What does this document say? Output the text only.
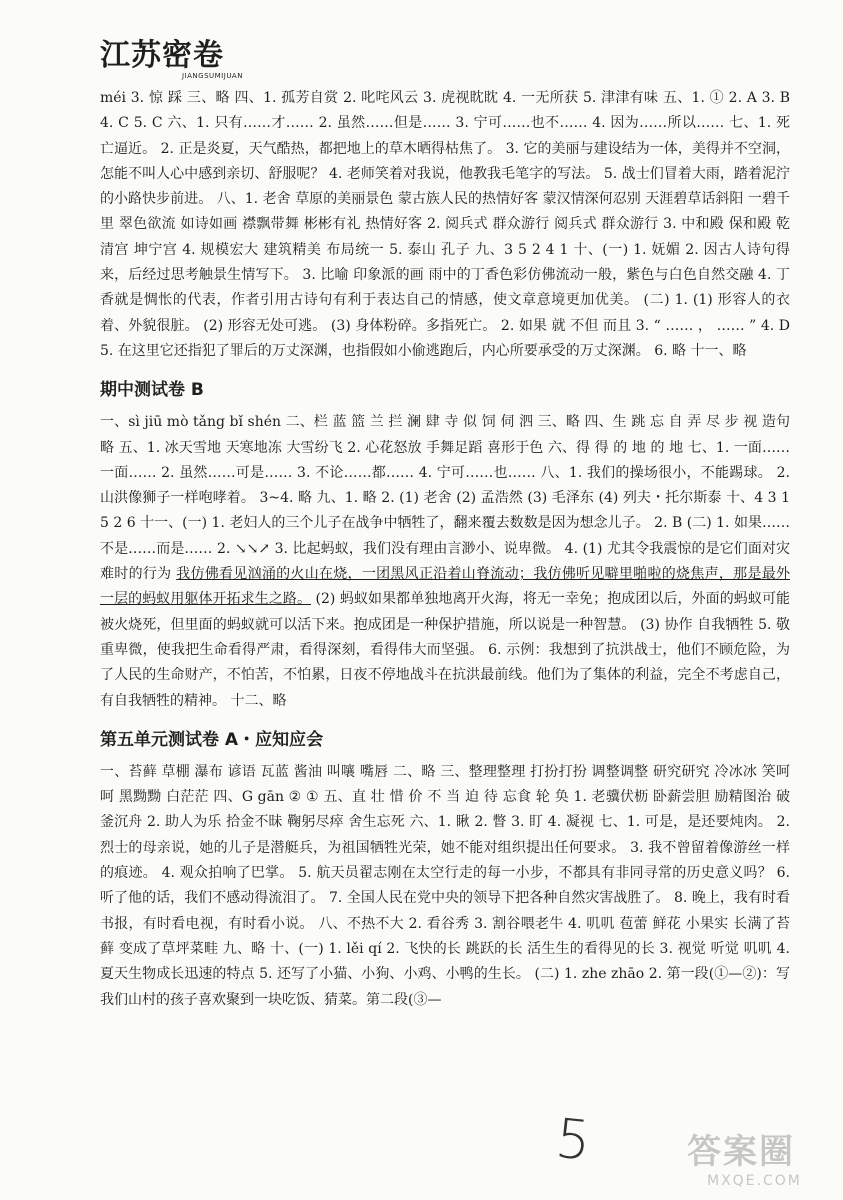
江苏密卷
JIANGSUMIJUAN

méi 3. 惊 踩 三、略 四、1. 孤芳自赏 2. 叱咤风云 3. 虎视眈眈 4. 一无所获 5. 津津有味 五、1. ① 2. A 3. B 4. C 5. C 六、1. 只有……才…… 2. 虽然……但是…… 3. 宁可……也不…… 4. 因为……所以…… 七、1. 死亡逼近。 2. 正是炎夏，天气酷热，都把地上的草木晒得枯焦了。 3. 它的美丽与建设结为一体，美得并不空洞，怎能不叫人心中感到亲切、舒服呢？ 4. 老师笑着对我说，他教我毛笔字的写法。 5. 战士们冒着大雨，踏着泥泞的小路快步前进。 八、1. 老舍 草原的美丽景色 蒙古族人民的热情好客 蒙汉情深何忍别 天涯碧草话斜阳 一碧千里 翠色欲流 如诗如画 襟飘带舞 彬彬有礼 热情好客 2. 阅兵式 群众游行 阅兵式 群众游行 3. 中和殿 保和殿 乾清宫 坤宁宫 4. 规模宏大 建筑精美 布局统一 5. 泰山 孔子 九、3 5 2 4 1 十、(一) 1. 妩媚 2. 因古人诗句得来，后经过思考触景生情写下。 3. 比喻 印象派的画 雨中的丁香色彩仿佛流动一般，紫色与白色自然交融 4. 丁香就是惆怅的代表，作者引用古诗句有利于表达自己的情感，使文章意境更加优美。 (二) 1. (1) 形容人的衣着、外貌很脏。 (2) 形容无处可逃。 (3) 身体粉碎。多指死亡。 2. 如果 就 不但 而且 3. “ …… ， …… ” 4. D 5. 在这里它还指犯了罪后的万丈深渊，也指假如小偷逃跑后，内心所要承受的万丈深渊。 6. 略 十一、略

期中测试卷 B

一、sì jiū mò tǎng bǐ shén 二、栏 蓝 篮 兰 拦 澜 肆 寺 似 饲 伺 泗 三、略 四、生 跳 忘 自 弄 尽 步 视 造句略 五、1. 冰天雪地 天寒地冻 大雪纷飞 2. 心花怒放 手舞足蹈 喜形于色 六、得 得 的 地 的 地 七、1. 一面……一面…… 2. 虽然……可是…… 3. 不论……都…… 4. 宁可……也…… 八、1. 我们的操场很小，不能踢球。 2. 山洪像狮子一样咆哮着。 3~4. 略 九、1. 略 2. (1) 老舍 (2) 孟浩然 (3) 毛泽东 (4) 列夫・托尔斯泰 十、4 3 1 5 2 6 十一、(一) 1. 老妇人的三个儿子在战争中牺牲了，翻来覆去数数是因为想念儿子。 2. B (二) 1. 如果……不是……而是…… 2. ↘↘↗ 3. 比起蚂蚁，我们没有理由言渺小、说卑微。 4. (1) 尤其令我震惊的是它们面对灾难时的行为 我仿佛看见汹涌的火山在烧，一团黑风正沿着山脊流动；我仿佛听见噼里啪啦的烧焦声，那是最外一层的蚂蚁用躯体开拓求生之路。 (2) 蚂蚁如果都单独地离开火海，将无一幸免；抱成团以后，外面的蚂蚁可能被火烧死，但里面的蚂蚁就可以活下来。抱成团是一种保护措施，所以说是一种智慧。 (3) 协作 自我牺牲 5. 敬重卑微，使我把生命看得严肃，看得深刻，看得伟大而坚强。 6. 示例：我想到了抗洪战士，他们不顾危险，为了人民的生命财产，不怕苦，不怕累，日夜不停地战斗在抗洪最前线。他们为了集体的利益，完全不考虑自己，有自我牺牲的精神。 十二、略

第五单元测试卷 A・应知应会

一、苔藓 草棚 瀑布 谚语 瓦蓝 酱油 叫嚷 嘴唇 二、略 三、整理整理 打扮打扮 调整调整 研究研究 冷冰冰 笑呵呵 黑黝黝 白茫茫 四、G gān ② ① 五、直 壮 惜 价 不 当 迫 待 忘食 轮 奂 1. 老骥伏枥 卧薪尝胆 励精图治 破釜沉舟 2. 助人为乐 拾金不昧 鞠躬尽瘁 舍生忘死 六、1. 瞅 2. 瞥 3. 盯 4. 凝视 七、1. 可是，是还要炖肉。 2. 烈士的母亲说，她的儿子是潜艇兵，为祖国牺牲光荣，她不能对组织提出任何要求。 3. 我不曾留着像游丝一样的痕迹。 4. 观众拍响了巴掌。 5. 航天员翟志刚在太空行走的每一小步，不都具有非同寻常的历史意义吗？ 6. 听了他的话，我们不感动得流泪了。 7. 全国人民在党中央的领导下把各种自然灾害战胜了。 8. 晚上，我有时看书报，有时看电视，有时看小说。 八、不热不大 2. 看谷秀 3. 割谷喂老牛 4. 叽叽 苞蕾 鲜花 小果实 长满了苔藓 变成了草坪菜畦 九、略 十、(一) 1. lěi qí 2. 飞快的长 跳跃的长 活生生的看得见的长 3. 视觉 听觉 叽叽 4. 夏天生物成长迅速的特点 5. 还写了小猫、小狗、小鸡、小鸭的生长。 (二) 1. zhe zhāo 2. 第一段(①—②)：写我们山村的孩子喜欢聚到一块吃饭、猜菜。第二段(③—

5	答案圈
MXQE.COM
